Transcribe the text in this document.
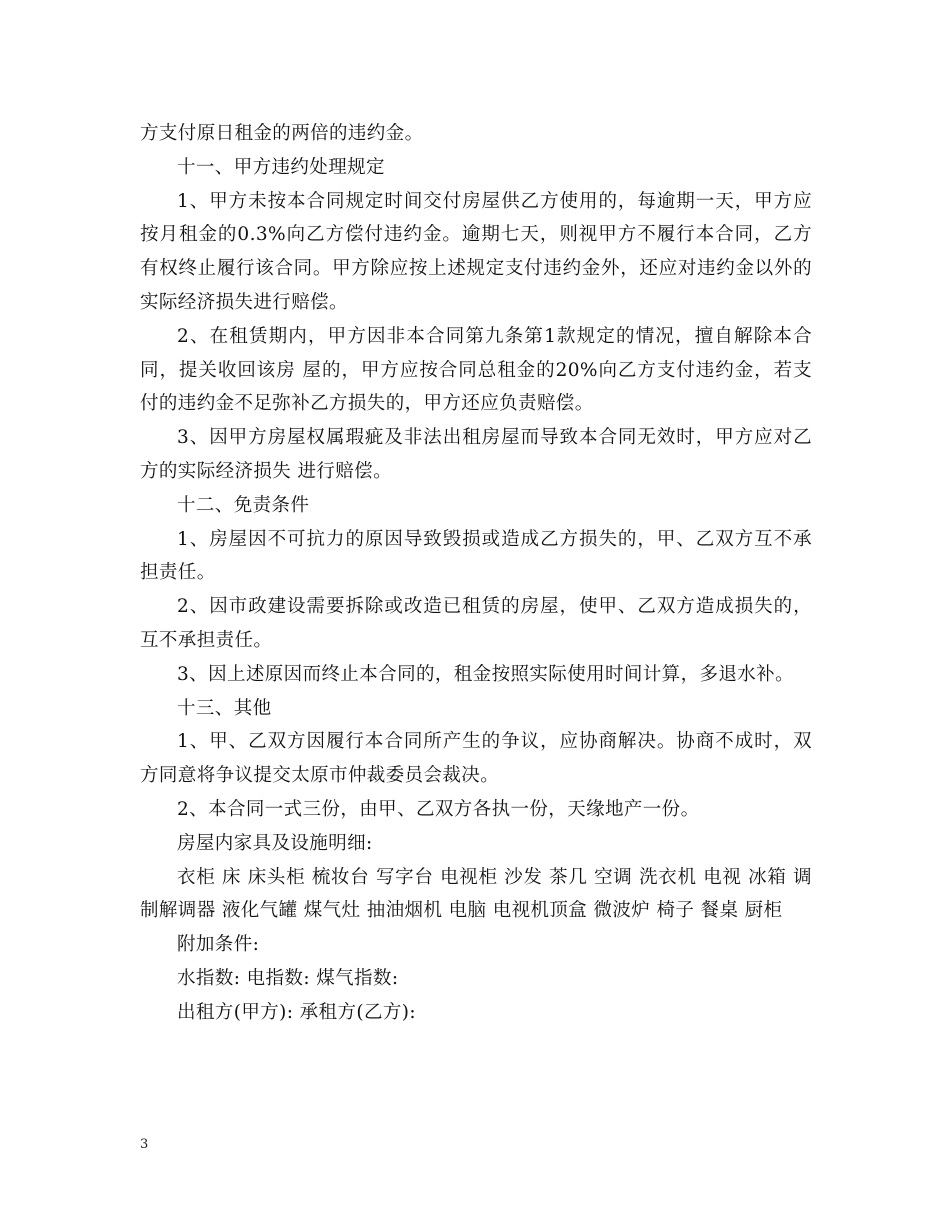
方支付原日租金的两倍的违约金。

十一、甲方违约处理规定

1、甲方未按本合同规定时间交付房屋供乙方使用的，每逾期一天，甲方应按月租金的0.3%向乙方偿付违约金。逾期七天，则视甲方不履行本合同，乙方有权终止履行该合同。甲方除应按上述规定支付违约金外，还应对违约金以外的实际经济损失进行赔偿。

2、在租赁期内，甲方因非本合同第九条第1款规定的情况，擅自解除本合同，提关收回该房 屋的，甲方应按合同总租金的20%向乙方支付违约金，若支付的违约金不足弥补乙方损失的，甲方还应负责赔偿。

3、因甲方房屋权属瑕疵及非法出租房屋而导致本合同无效时，甲方应对乙方的实际经济损失 进行赔偿。

十二、免责条件

1、房屋因不可抗力的原因导致毁损或造成乙方损失的，甲、乙双方互不承担责任。

2、因市政建设需要拆除或改造已租赁的房屋，使甲、乙双方造成损失的，互不承担责任。

3、因上述原因而终止本合同的，租金按照实际使用时间计算，多退水补。

十三、其他

1、甲、乙双方因履行本合同所产生的争议，应协商解决。协商不成时，双方同意将争议提交太原市仲裁委员会裁决。

2、本合同一式三份，由甲、乙双方各执一份，天缘地产一份。

房屋内家具及设施明细:

衣柜 床 床头柜 梳妆台 写字台 电视柜 沙发 茶几 空调 洗衣机 电视 冰箱 调制解调器 液化气罐 煤气灶 抽油烟机 电脑 电视机顶盒 微波炉 椅子 餐桌 厨柜

附加条件:

水指数: 电指数: 煤气指数:

出租方(甲方): 承租方(乙方):

3
